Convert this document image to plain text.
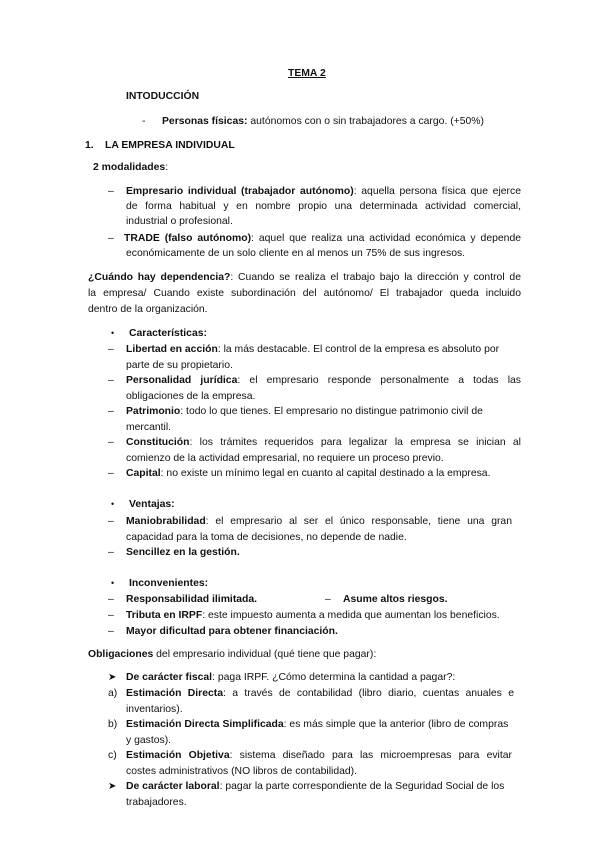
TEMA 2
INTODUCCIÓN
- Personas físicas: autónomos con o sin trabajadores a cargo. (+50%)
1. LA EMPRESA INDIVIDUAL
2 modalidades:
– Empresario individual (trabajador autónomo): aquella persona física que ejerce
de forma habitual y en nombre propio una determinada actividad comercial,
industrial o profesional.
– TRADE (falso autónomo): aquel que realiza una actividad económica y depende
económicamente de un solo cliente en al menos un 75% de sus ingresos.
¿Cuándo hay dependencia?: Cuando se realiza el trabajo bajo la dirección y control de
la empresa/ Cuando existe subordinación del autónomo/ El trabajador queda incluido
dentro de la organización.
• Características:
– Libertad en acción: la más destacable. El control de la empresa es absoluto por
parte de su propietario.
– Personalidad jurídica: el empresario responde personalmente a todas las
obligaciones de la empresa.
– Patrimonio: todo lo que tienes. El empresario no distingue patrimonio civil de
mercantil.
– Constitución: los trámites requeridos para legalizar la empresa se inician al
comienzo de la actividad empresarial, no requiere un proceso previo.
– Capital: no existe un mínimo legal en cuanto al capital destinado a la empresa.
• Ventajas:
– Maniobrabilidad: el empresario al ser el único responsable, tiene una gran
capacidad para la toma de decisiones, no depende de nadie.
– Sencillez en la gestión.
• Inconvenientes:
– Responsabilidad ilimitada.	– Asume altos riesgos.
– Tributa en IRPF: este impuesto aumenta a medida que aumentan los beneficios.
– Mayor dificultad para obtener financiación.
Obligaciones del empresario individual (qué tiene que pagar):
➤ De carácter fiscal: paga IRPF. ¿Cómo determina la cantidad a pagar?:
a) Estimación Directa: a través de contabilidad (libro diario, cuentas anuales e
inventarios).
b) Estimación Directa Simplificada: es más simple que la anterior (libro de compras
y gastos).
c) Estimación Objetiva: sistema diseñado para las microempresas para evitar
costes administrativos (NO libros de contabilidad).
➤ De carácter laboral: pagar la parte correspondiente de la Seguridad Social de los
trabajadores.
